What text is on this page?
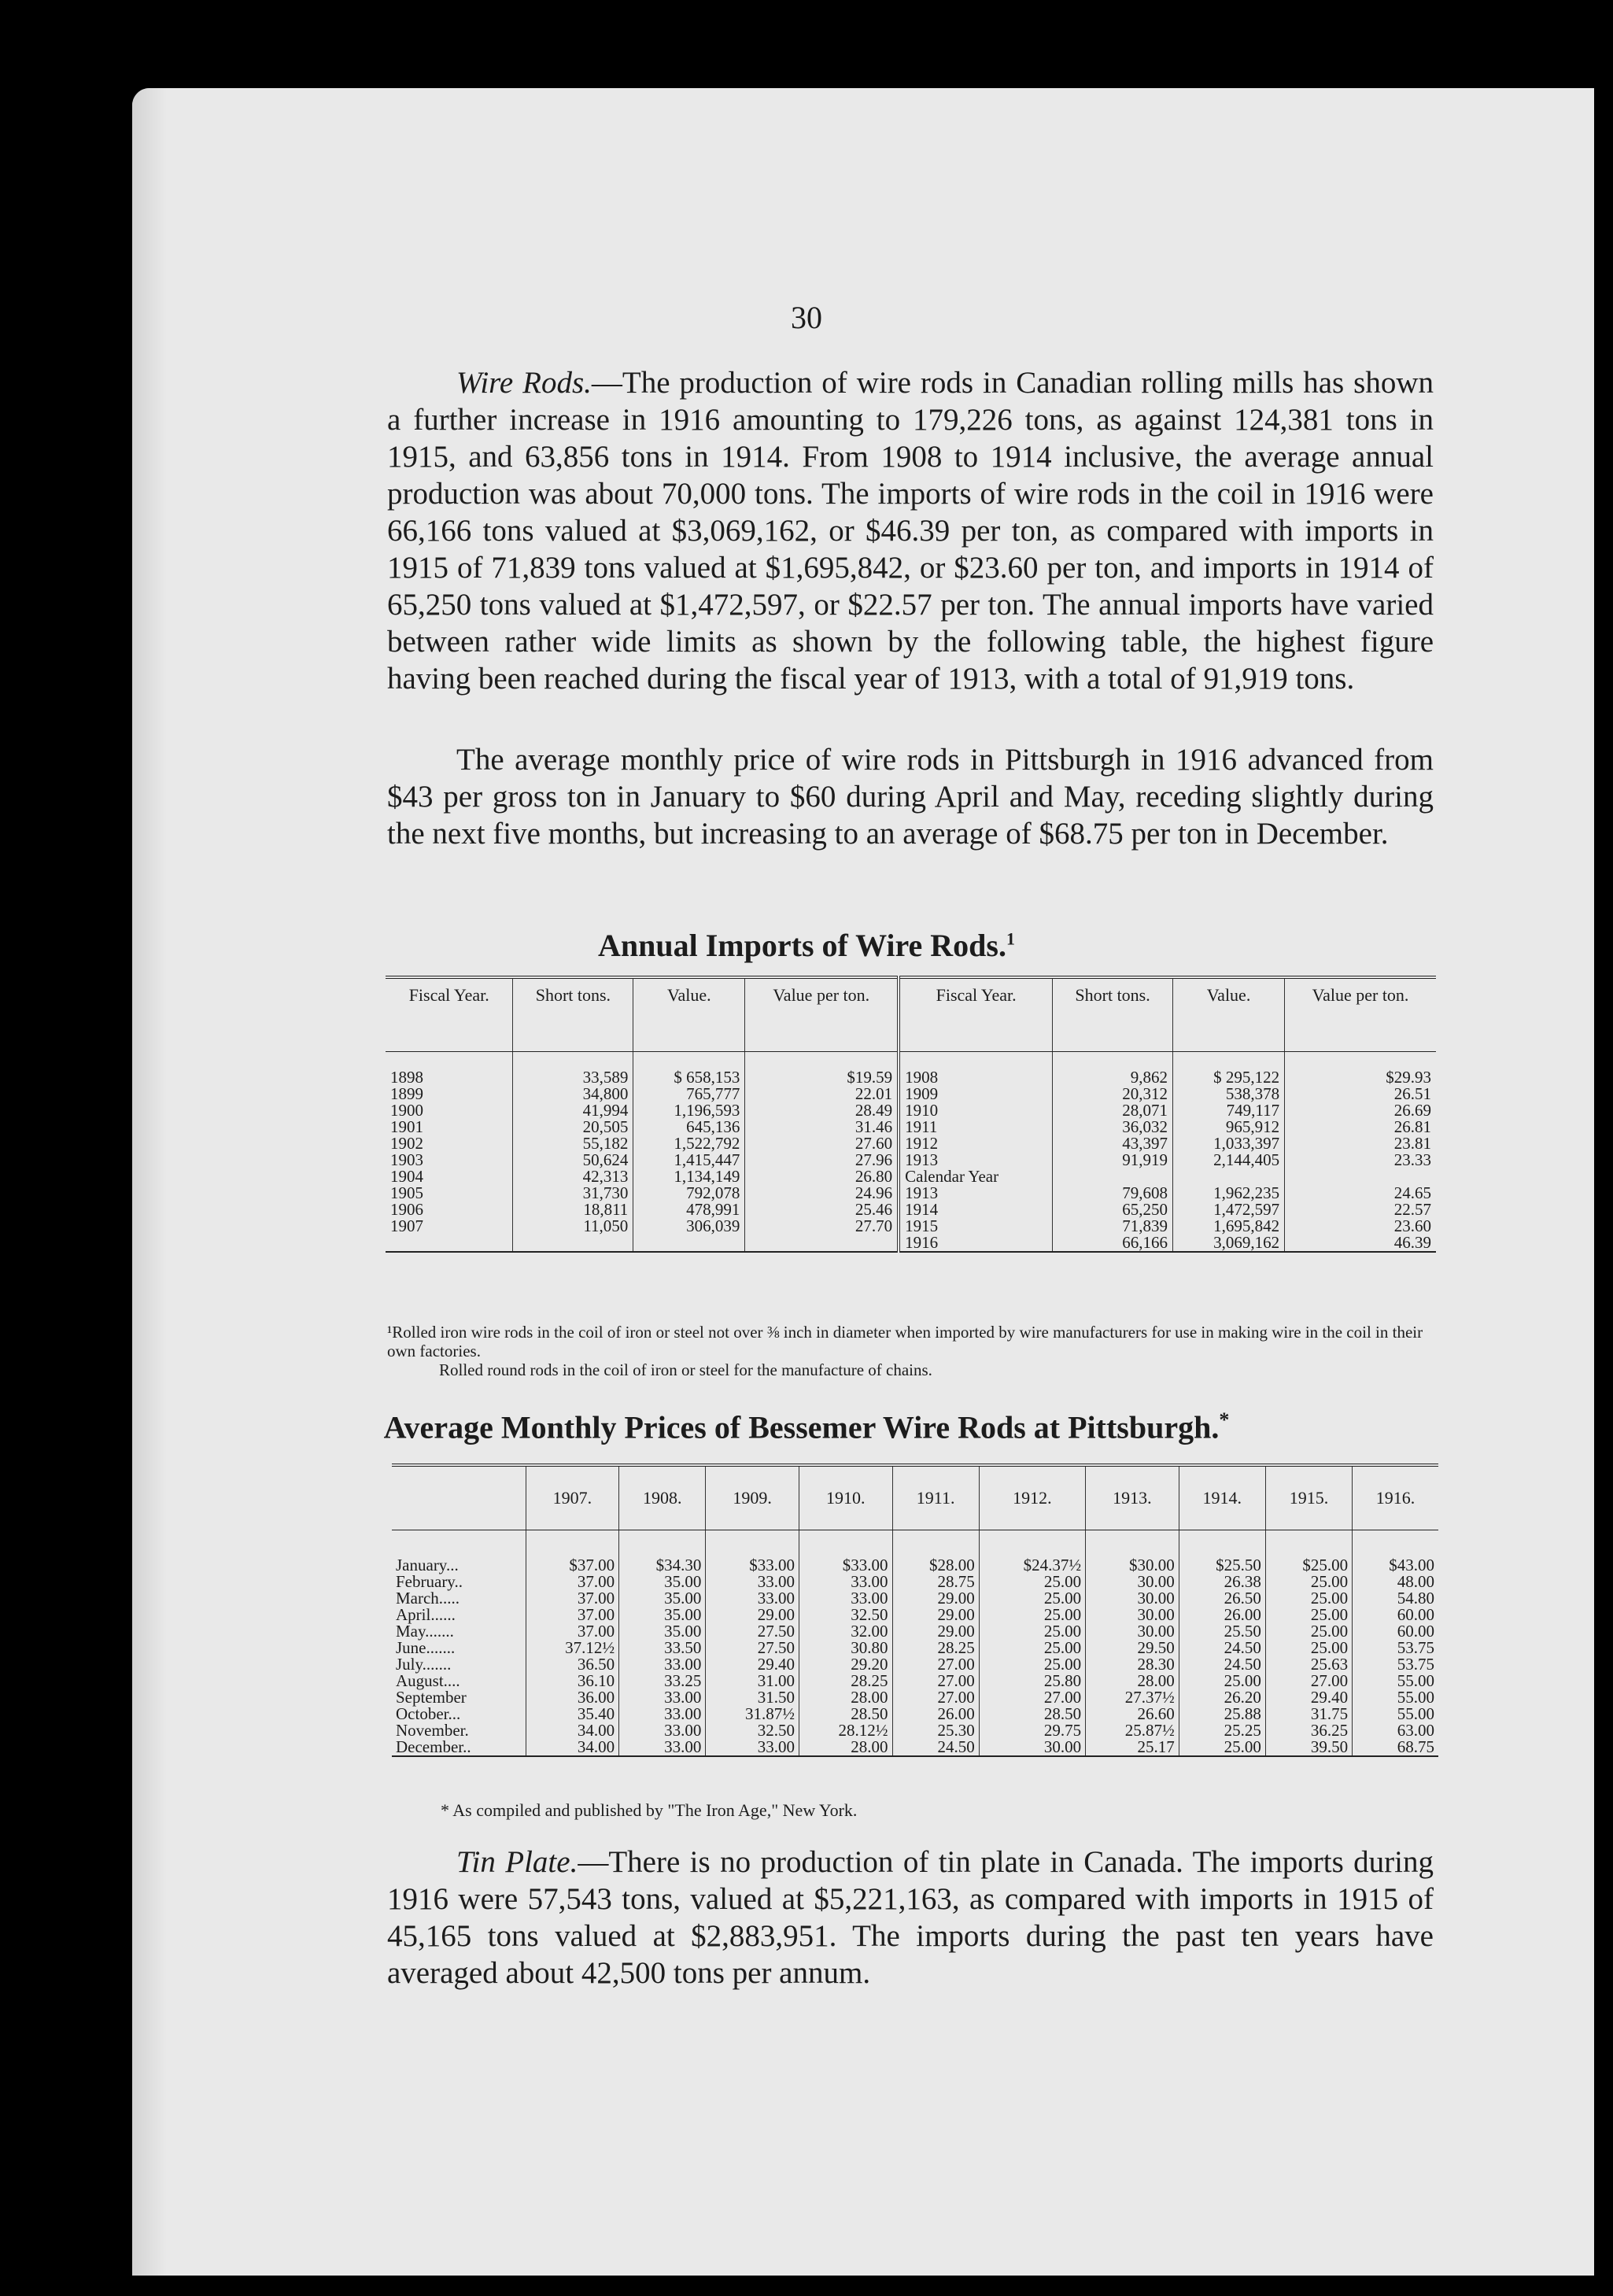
30

Wire Rods.—The production of wire rods in Canadian rolling mills has shown a further increase in 1916 amounting to 179,226 tons, as against 124,381 tons in 1915, and 63,856 tons in 1914. From 1908 to 1914 inclusive, the average annual production was about 70,000 tons. The imports of wire rods in the coil in 1916 were 66,166 tons valued at $3,069,162, or $46.39 per ton, as compared with imports in 1915 of 71,839 tons valued at $1,695,842, or $23.60 per ton, and imports in 1914 of 65,250 tons valued at $1,472,597, or $22.57 per ton. The annual imports have varied between rather wide limits as shown by the following table, the highest figure having been reached during the fiscal year of 1913, with a total of 91,919 tons.

The average monthly price of wire rods in Pittsburgh in 1916 advanced from $43 per gross ton in January to $60 during April and May, receding slightly during the next five months, but increasing to an average of $68.75 per ton in December.

Annual Imports of Wire Rods.$^1$
Fiscal Year.	Short tons.	Value.	Value per ton.	Fiscal Year.	Short tons.	Value.	Value per ton.

1898	33,589	$ 658,153	$19.59	1908	9,862	$ 295,122	$29.93
1899	34,800	765,777	22.01	1909	20,312	538,378	26.51
1900	41,994	1,196,593	28.49	1910	28,071	749,117	26.69
1901	20,505	645,136	31.46	1911	36,032	965,912	26.81
1902	55,182	1,522,792	27.60	1912	43,397	1,033,397	23.81
1903	50,624	1,415,447	27.96	1913	91,919	2,144,405	23.33
1904	42,313	1,134,149	26.80	Calendar Year			
1905	31,730	792,078	24.96	1913	79,608	1,962,235	24.65
1906	18,811	478,991	25.46	1914	65,250	1,472,597	22.57
1907	11,050	306,039	27.70	1915	71,839	1,695,842	23.60
				1916	66,166	3,069,162	46.39

¹Rolled iron wire rods in the coil of iron or steel not over ⅜ inch in diameter when imported by wire manufacturers for use in making wire in the coil in their own factories.

Rolled round rods in the coil of iron or steel for the manufacture of chains.

Average Monthly Prices of Bessemer Wire Rods at Pittsburgh.*
	1907.	1908.	1909.	1910.	1911.	1912.	1913.	1914.	1915.	1916.

January...	$37.00	$34.30	$33.00	$33.00	$28.00	$24.37½	$30.00	$25.50	$25.00	$43.00
February..	37.00	35.00	33.00	33.00	28.75	25.00	30.00	26.38	25.00	48.00
March.....	37.00	35.00	33.00	33.00	29.00	25.00	30.00	26.50	25.00	54.80
April......	37.00	35.00	29.00	32.50	29.00	25.00	30.00	26.00	25.00	60.00
May.......	37.00	35.00	27.50	32.00	29.00	25.00	30.00	25.50	25.00	60.00
June.......	37.12½	33.50	27.50	30.80	28.25	25.00	29.50	24.50	25.00	53.75
July.......	36.50	33.00	29.40	29.20	27.00	25.00	28.30	24.50	25.63	53.75
August....	36.10	33.25	31.00	28.25	27.00	25.80	28.00	25.00	27.00	55.00
September	36.00	33.00	31.50	28.00	27.00	27.00	27.37½	26.20	29.40	55.00
October...	35.40	33.00	31.87½	28.50	26.00	28.50	26.60	25.88	31.75	55.00
November.	34.00	33.00	32.50	28.12½	25.30	29.75	25.87½	25.25	36.25	63.00
December..	34.00	33.00	33.00	28.00	24.50	30.00	25.17	25.00	39.50	68.75
* As compiled and published by "The Iron Age," New York.

Tin Plate.—There is no production of tin plate in Canada. The imports during 1916 were 57,543 tons, valued at $5,221,163, as compared with imports in 1915 of 45,165 tons valued at $2,883,951. The imports during the past ten years have averaged about 42,500 tons per annum.
